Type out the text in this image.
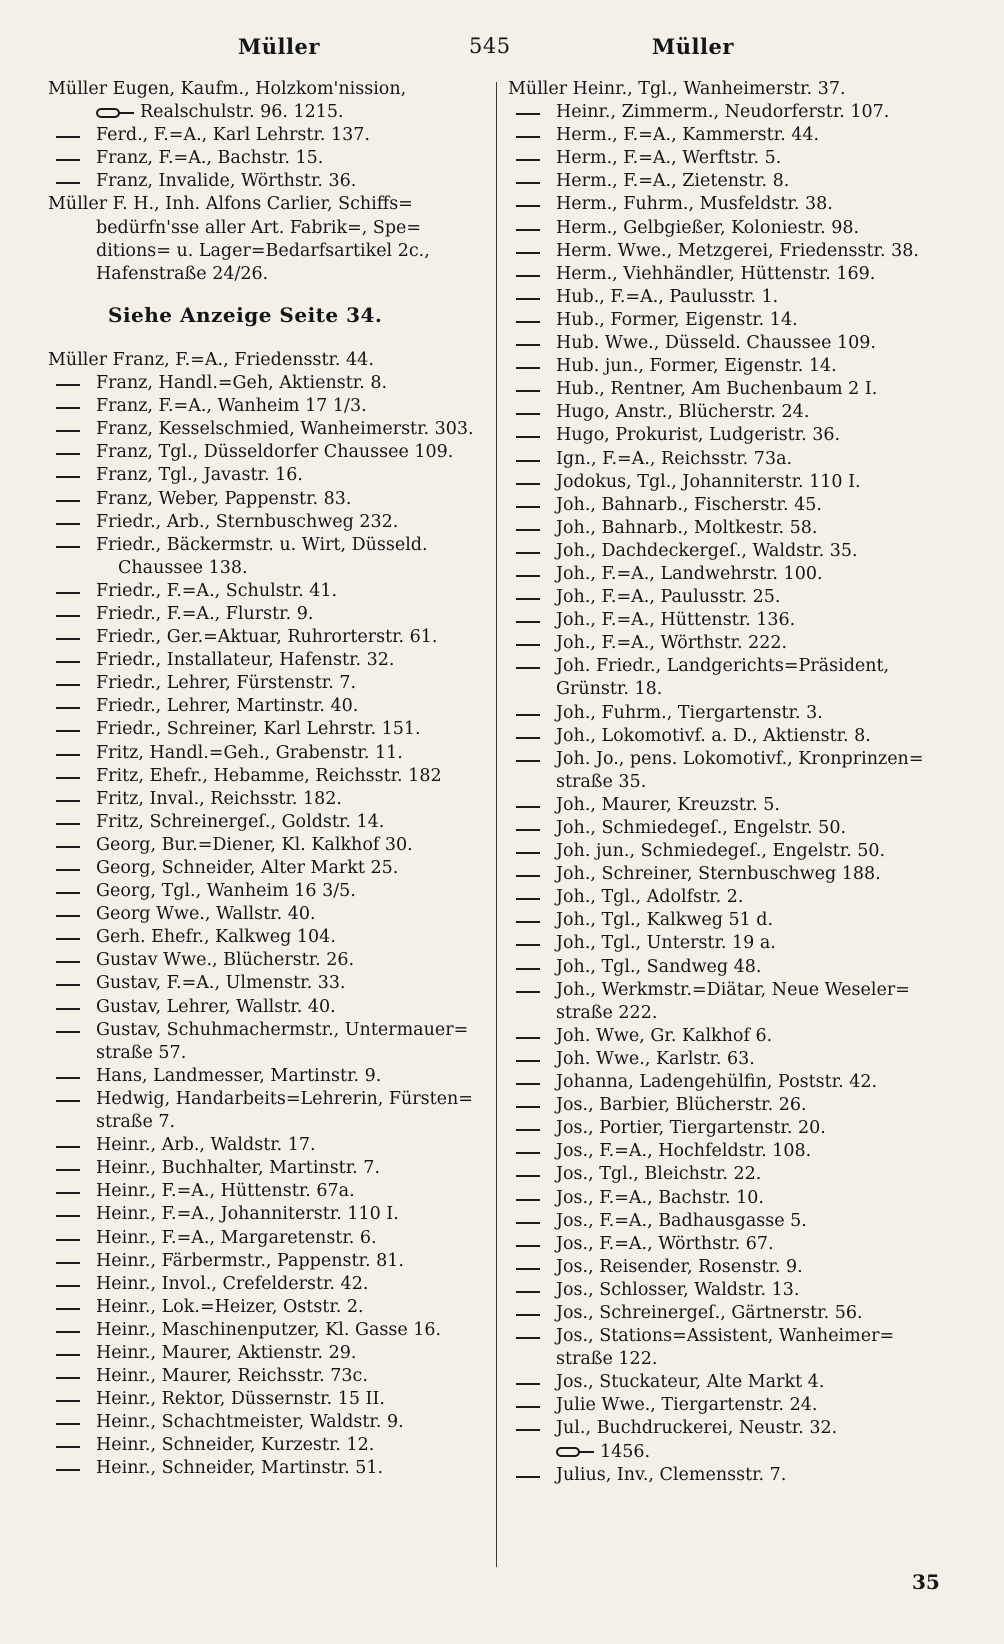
Müller	545	Müller
Müller Eugen, Kaufm., Holzkom'nission,
Realschulstr. 96. 1215.
Ferd., F.=A., Karl Lehrstr. 137.
Franz, F.=A., Bachstr. 15.
Franz, Invalide, Wörthstr. 36.
Müller F. H., Inh. Alfons Carlier, Schiffs=
bedürfn'sse aller Art. Fabrik=, Spe=
ditions= u. Lager=Bedarfsartikel 2c.,
Hafenstraße 24/26.
Siehe Anzeige Seite 34.
Müller Franz, F.=A., Friedensstr. 44.
Franz, Handl.=Geh, Aktienstr. 8.
Franz, F.=A., Wanheim 17 1/3.
Franz, Kesselschmied, Wanheimerstr. 303.
Franz, Tgl., Düsseldorfer Chaussee 109.
Franz, Tgl., Javastr. 16.
Franz, Weber, Pappenstr. 83.
Friedr., Arb., Sternbuschweg 232.
Friedr., Bäckermstr. u. Wirt, Düsseld.
Chaussee 138.
Friedr., F.=A., Schulstr. 41.
Friedr., F.=A., Flurstr. 9.
Friedr., Ger.=Aktuar, Ruhrorterstr. 61.
Friedr., Installateur, Hafenstr. 32.
Friedr., Lehrer, Fürstenstr. 7.
Friedr., Lehrer, Martinstr. 40.
Friedr., Schreiner, Karl Lehrstr. 151.
Fritz, Handl.=Geh., Grabenstr. 11.
Fritz, Ehefr., Hebamme, Reichsstr. 182
Fritz, Inval., Reichsstr. 182.
Fritz, Schreinergeſ., Goldstr. 14.
Georg, Bur.=Diener, Kl. Kalkhof 30.
Georg, Schneider, Alter Markt 25.
Georg, Tgl., Wanheim 16 3/5.
Georg Wwe., Wallstr. 40.
Gerh. Ehefr., Kalkweg 104.
Gustav Wwe., Blücherstr. 26.
Gustav, F.=A., Ulmenstr. 33.
Gustav, Lehrer, Wallstr. 40.
Gustav, Schuhmachermstr., Untermauer=
straße 57.
Hans, Landmesser, Martinstr. 9.
Hedwig, Handarbeits=Lehrerin, Fürsten=
straße 7.
Heinr., Arb., Waldstr. 17.
Heinr., Buchhalter, Martinstr. 7.
Heinr., F.=A., Hüttenstr. 67a.
Heinr., F.=A., Johanniterstr. 110 I.
Heinr., F.=A., Margaretenstr. 6.
Heinr., Färbermstr., Pappenstr. 81.
Heinr., Invol., Crefelderstr. 42.
Heinr., Lok.=Heizer, Oststr. 2.
Heinr., Maschinenputzer, Kl. Gasse 16.
Heinr., Maurer, Aktienstr. 29.
Heinr., Maurer, Reichsstr. 73c.
Heinr., Rektor, Düssernstr. 15 II.
Heinr., Schachtmeister, Waldstr. 9.
Heinr., Schneider, Kurzestr. 12.
Heinr., Schneider, Martinstr. 51.
Müller Heinr., Tgl., Wanheimerstr. 37.
Heinr., Zimmerm., Neudorferstr. 107.
Herm., F.=A., Kammerstr. 44.
Herm., F.=A., Werftstr. 5.
Herm., F.=A., Zietenstr. 8.
Herm., Fuhrm., Musfeldstr. 38.
Herm., Gelbgießer, Koloniestr. 98.
Herm. Wwe., Metzgerei, Friedensstr. 38.
Herm., Viehhändler, Hüttenstr. 169.
Hub., F.=A., Paulusstr. 1.
Hub., Former, Eigenstr. 14.
Hub. Wwe., Düsseld. Chaussee 109.
Hub. jun., Former, Eigenstr. 14.
Hub., Rentner, Am Buchenbaum 2 I.
Hugo, Anstr., Blücherstr. 24.
Hugo, Prokurist, Ludgeristr. 36.
Ign., F.=A., Reichsstr. 73a.
Jodokus, Tgl., Johanniterstr. 110 I.
Joh., Bahnarb., Fischerstr. 45.
Joh., Bahnarb., Moltkestr. 58.
Joh., Dachdeckergeſ., Waldstr. 35.
Joh., F.=A., Landwehrstr. 100.
Joh., F.=A., Paulusstr. 25.
Joh., F.=A., Hüttenstr. 136.
Joh., F.=A., Wörthstr. 222.
Joh. Friedr., Landgerichts=Präsident,
Grünstr. 18.
Joh., Fuhrm., Tiergartenstr. 3.
Joh., Lokomotivf. a. D., Aktienstr. 8.
Joh. Jo., pens. Lokomotivf., Kronprinzen=
straße 35.
Joh., Maurer, Kreuzstr. 5.
Joh., Schmiedegeſ., Engelstr. 50.
Joh. jun., Schmiedegeſ., Engelstr. 50.
Joh., Schreiner, Sternbuschweg 188.
Joh., Tgl., Adolfstr. 2.
Joh., Tgl., Kalkweg 51 d.
Joh., Tgl., Unterstr. 19 a.
Joh., Tgl., Sandweg 48.
Joh., Werkmstr.=Diätar, Neue Weseler=
straße 222.
Joh. Wwe, Gr. Kalkhof 6.
Joh. Wwe., Karlstr. 63.
Johanna, Ladengehülfin, Poststr. 42.
Jos., Barbier, Blücherstr. 26.
Jos., Portier, Tiergartenstr. 20.
Jos., F.=A., Hochfeldstr. 108.
Jos., Tgl., Bleichstr. 22.
Jos., F.=A., Bachstr. 10.
Jos., F.=A., Badhausgasse 5.
Jos., F.=A., Wörthstr. 67.
Jos., Reisender, Rosenstr. 9.
Jos., Schlosser, Waldstr. 13.
Jos., Schreinergeſ., Gärtnerstr. 56.
Jos., Stations=Assistent, Wanheimer=
straße 122.
Jos., Stuckateur, Alte Markt 4.
Julie Wwe., Tiergartenstr. 24.
Jul., Buchdruckerei, Neustr. 32.
1456.
Julius, Inv., Clemensstr. 7.
35
